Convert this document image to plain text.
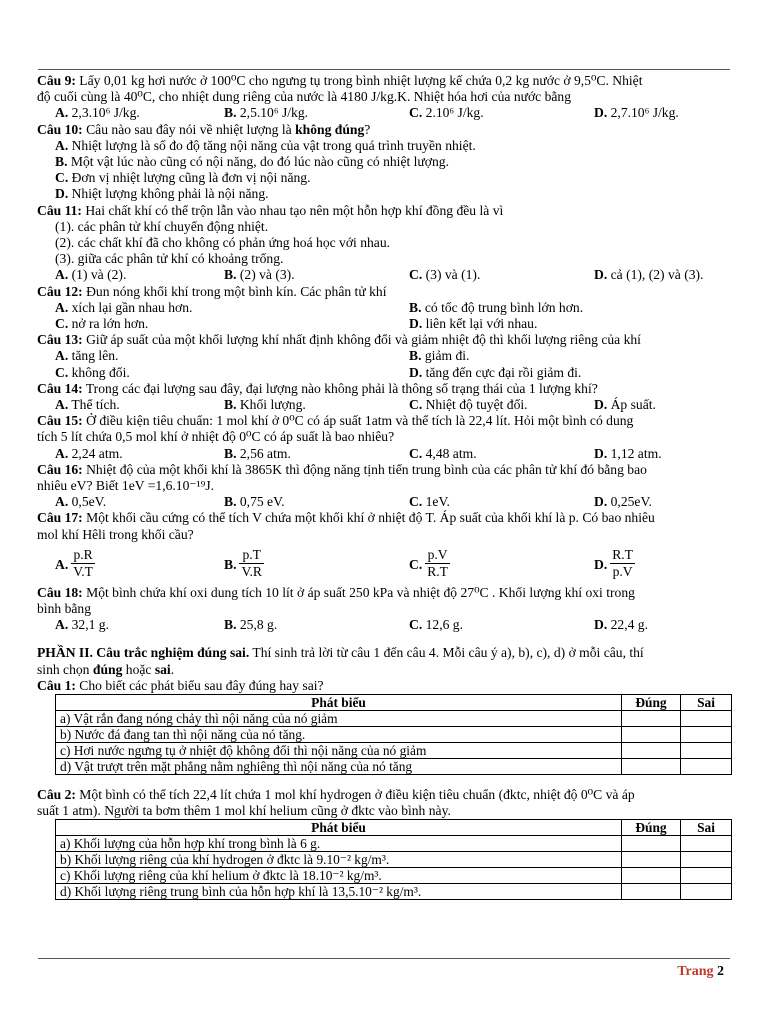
Câu 9: Lấy 0,01 kg hơi nước ở 100⁰C cho ngưng tụ trong bình nhiệt lượng kế chứa 0,2 kg nước ở 9,5⁰C. Nhiệt
độ cuối cùng là 40⁰C, cho nhiệt dung riêng của nước là 4180 J/kg.K. Nhiệt hóa hơi của nước bằng
A. 2,3.10⁶ J/kg.	B. 2,5.10⁶ J/kg.	C. 2.10⁶ J/kg.	D. 2,7.10⁶ J/kg.
Câu 10: Câu nào sau đây nói về nhiệt lượng là không đúng?
A. Nhiệt lượng là số đo độ tăng nội năng của vật trong quá trình truyền nhiệt.
B. Một vật lúc nào cũng có nội năng, do đó lúc nào cũng có nhiệt lượng.
C. Đơn vị nhiệt lượng cũng là đơn vị nội năng.
D. Nhiệt lượng không phải là nội năng.
Câu 11: Hai chất khí có thể trộn lẫn vào nhau tạo nên một hỗn hợp khí đồng đều là vì
(1). các phân tử khí chuyển động nhiệt.
(2). các chất khí đã cho không có phản ứng hoá học với nhau.
(3). giữa các phân tử khí có khoảng trống.
A. (1) và (2).	B. (2) và (3).	C. (3) và (1).	D. cả (1), (2) và (3).
Câu 12: Đun nóng khối khí trong một bình kín. Các phân tử khí
A. xích lại gần nhau hơn.	B. có tốc độ trung bình lớn hơn.
C. nở ra lớn hơn.	D. liên kết lại với nhau.
Câu 13: Giữ áp suất của một khối lượng khí nhất định không đổi và giảm nhiệt độ thì khối lượng riêng của khí
A. tăng lên.	B. giảm đi.
C. không đổi.	D. tăng đến cực đại rồi giảm đi.
Câu 14: Trong các đại lượng sau đây, đại lượng nào không phải là thông số trạng thái của 1 lượng khí?
A. Thể tích.	B. Khối lượng.	C. Nhiệt độ tuyệt đối.	D. Áp suất.
Câu 15: Ở điều kiện tiêu chuẩn: 1 mol khí ở 0⁰C có áp suất 1atm và thể tích là 22,4 lít. Hỏi một bình có dung
tích 5 lít chứa 0,5 mol khí ở nhiệt độ 0⁰C có áp suất là bao nhiêu?
A. 2,24 atm.	B. 2,56 atm.	C. 4,48 atm.	D. 1,12 atm.
Câu 16: Nhiệt độ của một khối khí là 3865K thì động năng tịnh tiến trung bình của các phân tử khí đó bằng bao
nhiêu eV? Biết 1eV =1,6.10⁻¹⁹J.
A. 0,5eV.	B. 0,75 eV.	C. 1eV.	D. 0,25eV.
Câu 17: Một khối cầu cứng có thể tích V chứa một khối khí ở nhiệt độ T. Áp suất của khối khí là p. Có bao nhiêu
mol khí Hêli trong khối cầu?
A. $\frac{p.R}{V.T}$	B. $\frac{p.T}{V.R}$	C. $\frac{p.V}{R.T}$	D. $\frac{R.T}{p.V}$
Câu 18: Một bình chứa khí oxi dung tích 10 lít ở áp suất 250 kPa và nhiệt độ 27⁰C . Khối lượng khí oxi trong
bình bằng
A. 32,1 g.	B. 25,8 g.	C. 12,6 g.	D. 22,4 g.
PHẦN II. Câu trắc nghiệm đúng sai. Thí sinh trả lời từ câu 1 đến câu 4. Mỗi câu ý a), b), c), d) ở mỗi câu, thí
sinh chọn đúng hoặc sai.
Câu 1: Cho biết các phát biểu sau đây đúng hay sai?
Phát biểu	Đúng	Sai
a) Vật rắn đang nóng chảy thì nội năng của nó giảm		
b) Nước đá đang tan thì nội năng của nó tăng.		
c) Hơi nước ngưng tụ ở nhiệt độ không đổi thì nội năng của nó giảm		
d) Vật trượt trên mặt phẳng nằm nghiêng thì nội năng của nó tăng		
Câu 2: Một bình có thể tích 22,4 lít chứa 1 mol khí hydrogen ở điều kiện tiêu chuẩn (đktc, nhiệt độ 0⁰C và áp
suất 1 atm). Người ta bơm thêm 1 mol khí helium cũng ở đktc vào bình này.
Phát biểu	Đúng	Sai
a) Khối lượng của hỗn hợp khí trong bình là 6 g.		
b) Khối lượng riêng của khí hydrogen ở đktc là 9.10⁻² kg/m³.		
c) Khối lượng riêng của khí helium ở đktc là 18.10⁻² kg/m³.		
d) Khối lượng riêng trung bình của hỗn hợp khí là 13,5.10⁻² kg/m³.		
Trang 2
